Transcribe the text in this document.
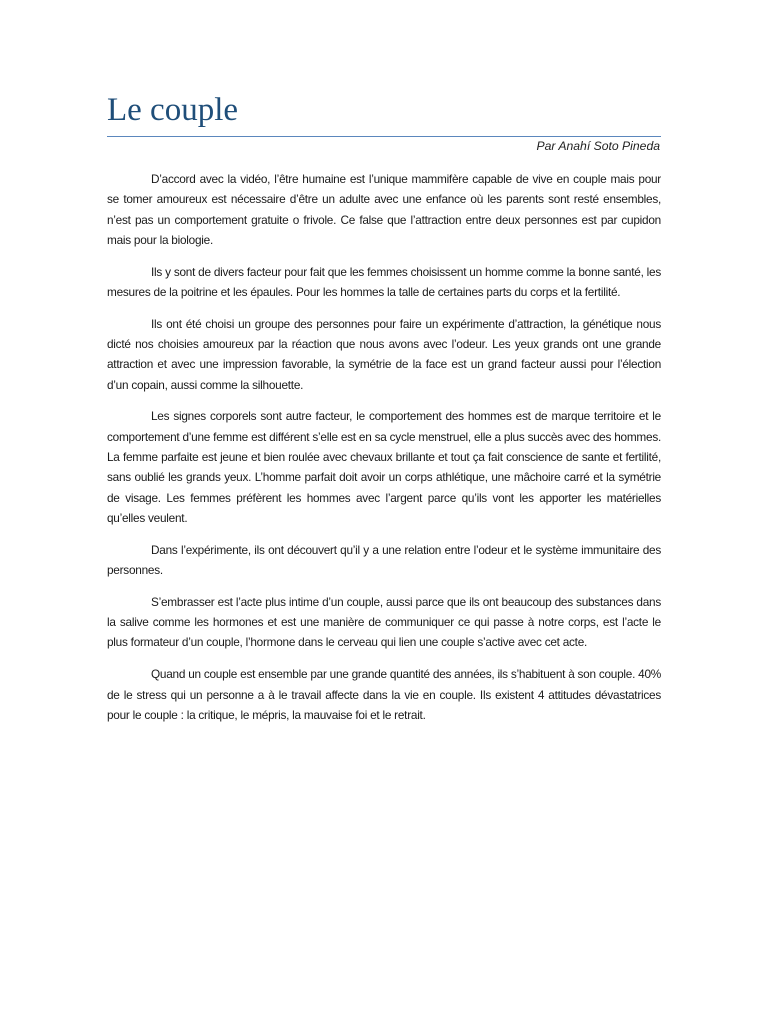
Le couple

Par Anahí Soto Pineda

D’accord avec la vidéo, l’être humaine est l’unique mammifère capable de vive en couple mais pour se tomer amoureux est nécessaire d’être un adulte avec une enfance où les parents sont resté ensembles, n’est pas un comportement gratuite o frivole. Ce false que l’attraction entre deux personnes est par cupidon mais pour la biologie.

Ils y sont de divers facteur pour fait que les femmes choisissent un homme comme la bonne santé, les mesures de la poitrine et les épaules. Pour les hommes la talle de certaines parts du corps et la fertilité.

Ils ont été choisi un groupe des personnes pour faire un expérimente d’attraction, la génétique nous dicté nos choisies amoureux par la réaction que nous avons avec l’odeur. Les yeux grands ont une grande attraction et avec une impression favorable, la symétrie de la face est un grand facteur aussi pour l’élection d’un copain, aussi comme la silhouette.

Les signes corporels sont autre facteur, le comportement des hommes est de marque territoire et le comportement d’une femme est différent s’elle est en sa cycle menstruel, elle a plus succès avec des hommes. La femme parfaite est jeune et bien roulée avec chevaux brillante et tout ça fait conscience de sante et fertilité, sans oublié les grands yeux. L’homme parfait doit avoir un corps athlétique, une mâchoire carré et la symétrie de visage. Les femmes préfèrent les hommes avec l’argent parce qu’ils vont les apporter les matérielles qu’elles veulent.

Dans l’expérimente, ils ont découvert qu’il y a une relation entre l’odeur et le système immunitaire des personnes.

S’embrasser est l’acte plus intime d’un couple, aussi parce que ils ont beaucoup des substances dans la salive comme les hormones et est une manière de communiquer ce qui passe à notre corps, est l’acte le plus formateur d’un couple, l’hormone dans le cerveau qui lien une couple s’active avec cet acte.

Quand un couple est ensemble par une grande quantité des années, ils s’habituent à son couple. 40% de le stress qui un personne a à le travail affecte dans la vie en couple. Ils existent 4 attitudes dévastatrices pour le couple : la critique, le mépris, la mauvaise foi et le retrait.
